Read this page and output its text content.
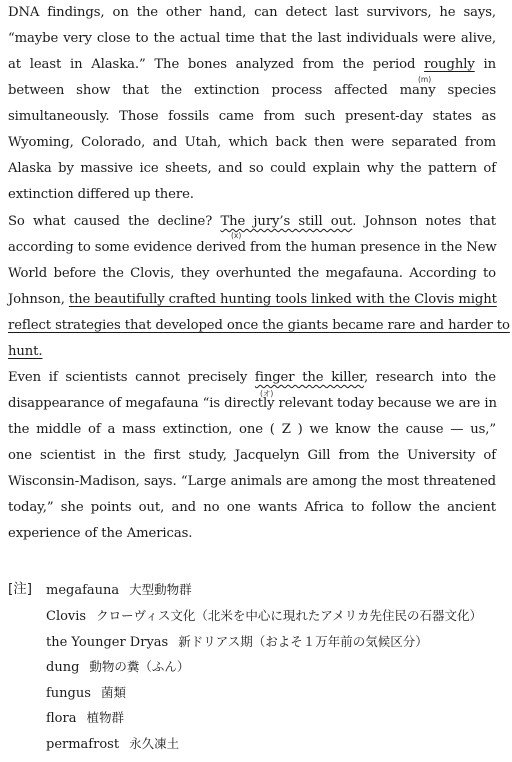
DNA findings, on the other hand, can detect last survivors, he says,
“maybe very close to the actual time that the last individuals were alive,
at least in Alaska.” The bones analyzed from the period roughly in
between show that the extinction process affected many species
simultaneously. Those fossils came from such present-day states as
Wyoming, Colorado, and Utah, which back then were separated from
Alaska by massive ice sheets, and so could explain why the pattern of
extinction differed up there.
So what caused the decline? The jury’s still out. Johnson notes that
according to some evidence derived from the human presence in the New
World before the Clovis, they overhunted the megafauna. According to
Johnson, the beautifully crafted hunting tools linked with the Clovis might
reflect strategies that developed once the giants became rare and harder to
hunt.
Even if scientists cannot precisely finger the killer, research into the
disappearance of megafauna “is directly relevant today because we are in
the middle of a mass extinction, one ( Z ) we know the cause — us,”
one scientist in the first study, Jacquelyn Gill from the University of
Wisconsin-Madison, says. “Large animals are among the most threatened
today,” she points out, and no one wants Africa to follow the ancient
experience of the Americas.
(m)
(x)
(オ)
[注] megafauna 大型動物群
Clovis クローヴィス文化（北米を中心に現れたアメリカ先住民の石器文化）
the Younger Dryas 新ドリアス期（およそ１万年前の気候区分）
dung 動物の糞（ふん）
fungus 菌類
flora 植物群
permafrost 永久凍土
